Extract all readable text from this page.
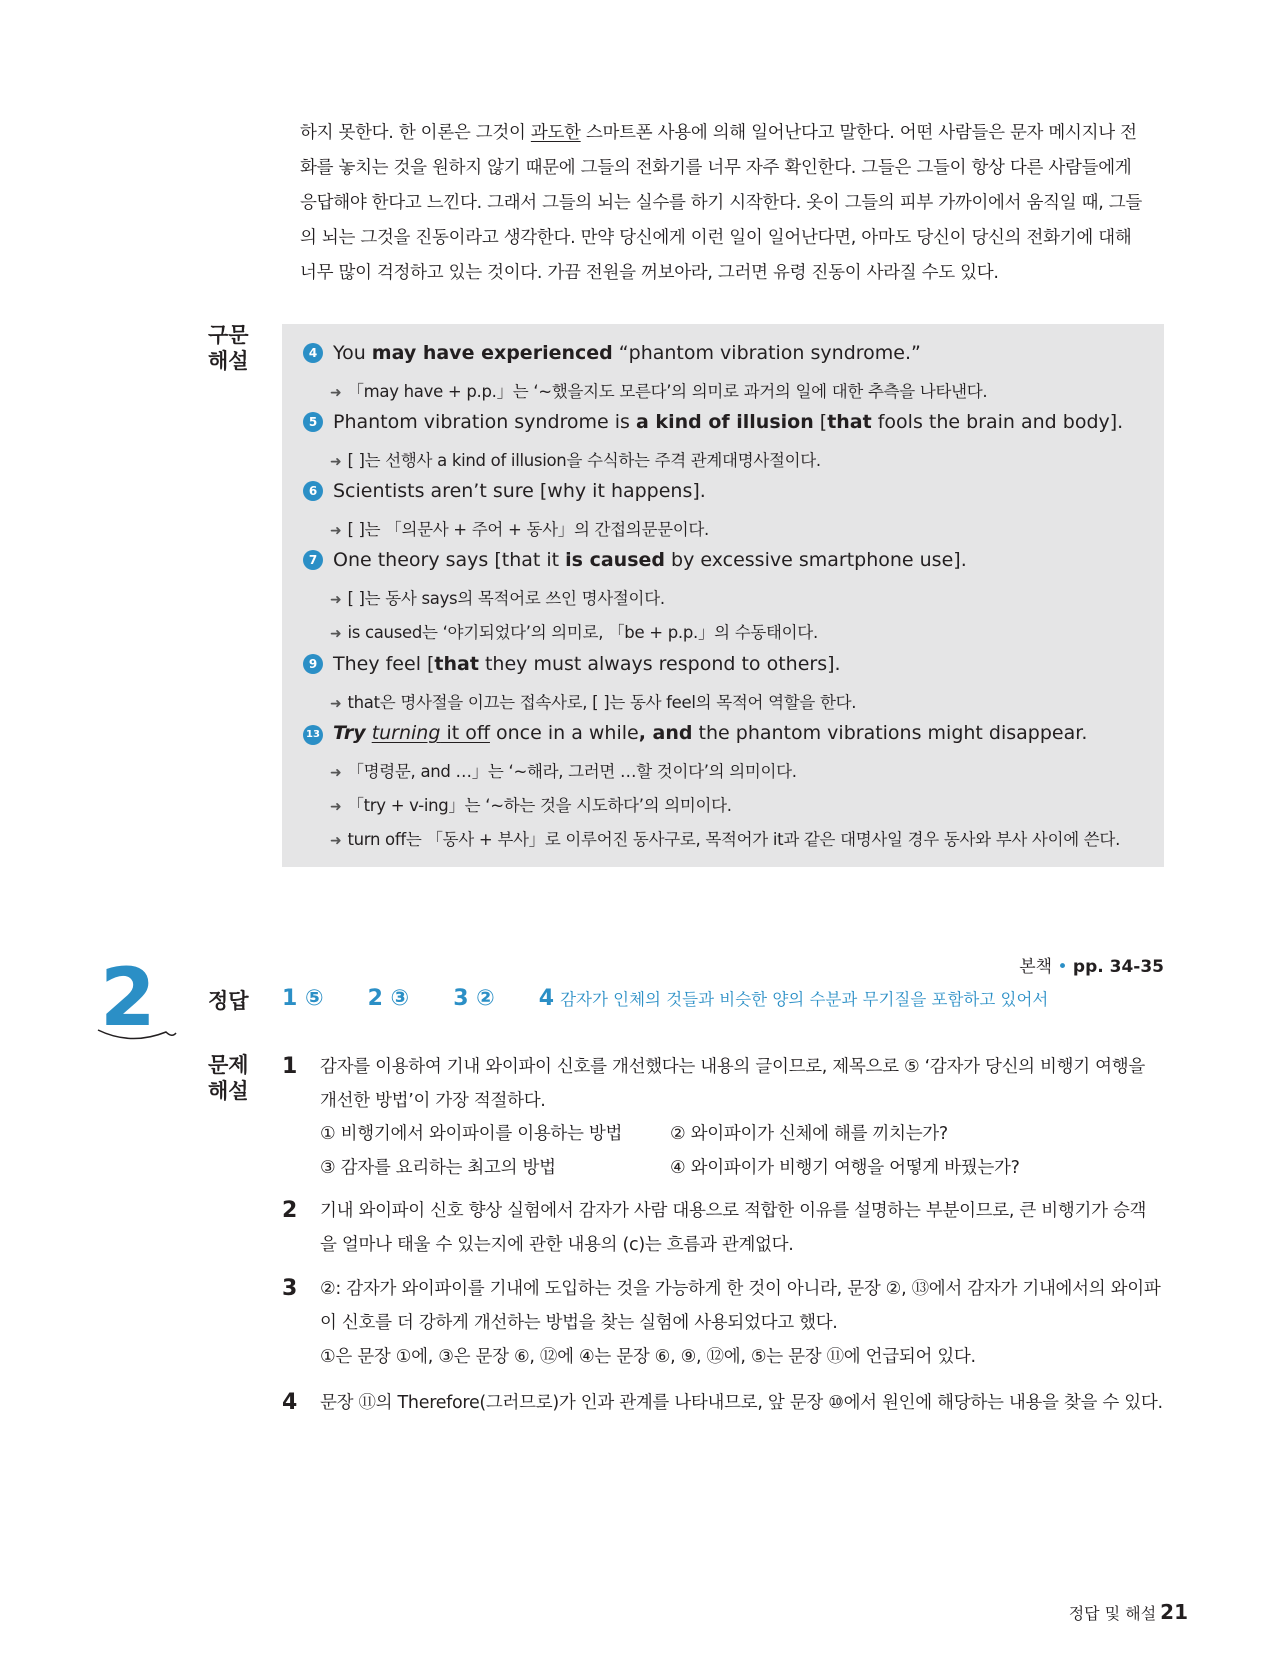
하지 못한다. 한 이론은 그것이 과도한 스마트폰 사용에 의해 일어난다고 말한다. 어떤 사람들은 문자 메시지나 전
화를 놓치는 것을 원하지 않기 때문에 그들의 전화기를 너무 자주 확인한다. 그들은 그들이 항상 다른 사람들에게
응답해야 한다고 느낀다. 그래서 그들의 뇌는 실수를 하기 시작한다. 옷이 그들의 피부 가까이에서 움직일 때, 그들
의 뇌는 그것을 진동이라고 생각한다. 만약 당신에게 이런 일이 일어난다면, 아마도 당신이 당신의 전화기에 대해
너무 많이 걱정하고 있는 것이다. 가끔 전원을 꺼보아라, 그러면 유령 진동이 사라질 수도 있다.
구문
해설	4 You may have experienced “phantom vibration syndrome.”
➜ 「may have + p.p.」는 ‘~했을지도 모른다’의 의미로 과거의 일에 대한 추측을 나타낸다.
5 Phantom vibration syndrome is a kind of illusion [that fools the brain and body].
➜ [ ]는 선행사 a kind of illusion을 수식하는 주격 관계대명사절이다.
6 Scientists aren’t sure [why it happens].
➜ [ ]는 「의문사 + 주어 + 동사」의 간접의문문이다.
7 One theory says [that it is caused by excessive smartphone use].
➜ [ ]는 동사 says의 목적어로 쓰인 명사절이다.
➜ is caused는 ‘야기되었다’의 의미로, 「be + p.p.」의 수동태이다.
9 They feel [that they must always respond to others].
➜ that은 명사절을 이끄는 접속사로, [ ]는 동사 feel의 목적어 역할을 한다.
13 Try turning it off once in a while, and the phantom vibrations might disappear.
➜ 「명령문, and …」는 ‘~해라, 그러면 …할 것이다’의 의미이다.
➜ 「try + v-ing」는 ‘~하는 것을 시도하다’의 의미이다.
➜ turn off는 「동사 + 부사」로 이루어진 동사구로, 목적어가 it과 같은 대명사일 경우 동사와 부사 사이에 쓴다.
2	본책 • pp. 34-35
정답 1 ⑤ 2 ③ 3 ② 4 감자가 인체의 것들과 비슷한 양의 수분과 무기질을 포함하고 있어서
문제
해설
1 감자를 이용하여 기내 와이파이 신호를 개선했다는 내용의 글이므로, 제목으로 ⑤ ‘감자가 당신의 비행기 여행을
개선한 방법’이 가장 적절하다.
① 비행기에서 와이파이를 이용하는 방법	② 와이파이가 신체에 해를 끼치는가?
③ 감자를 요리하는 최고의 방법	④ 와이파이가 비행기 여행을 어떻게 바꿨는가?
2 기내 와이파이 신호 향상 실험에서 감자가 사람 대용으로 적합한 이유를 설명하는 부분이므로, 큰 비행기가 승객
을 얼마나 태울 수 있는지에 관한 내용의 (c)는 흐름과 관계없다.
3 ②: 감자가 와이파이를 기내에 도입하는 것을 가능하게 한 것이 아니라, 문장 ②, ⑬에서 감자가 기내에서의 와이파
이 신호를 더 강하게 개선하는 방법을 찾는 실험에 사용되었다고 했다.
①은 문장 ①에, ③은 문장 ⑥, ⑫에 ④는 문장 ⑥, ⑨, ⑫에, ⑤는 문장 ⑪에 언급되어 있다.
4 문장 ⑪의 Therefore(그러므로)가 인과 관계를 나타내므로, 앞 문장 ⑩에서 원인에 해당하는 내용을 찾을 수 있다.
정답 및 해설 21
